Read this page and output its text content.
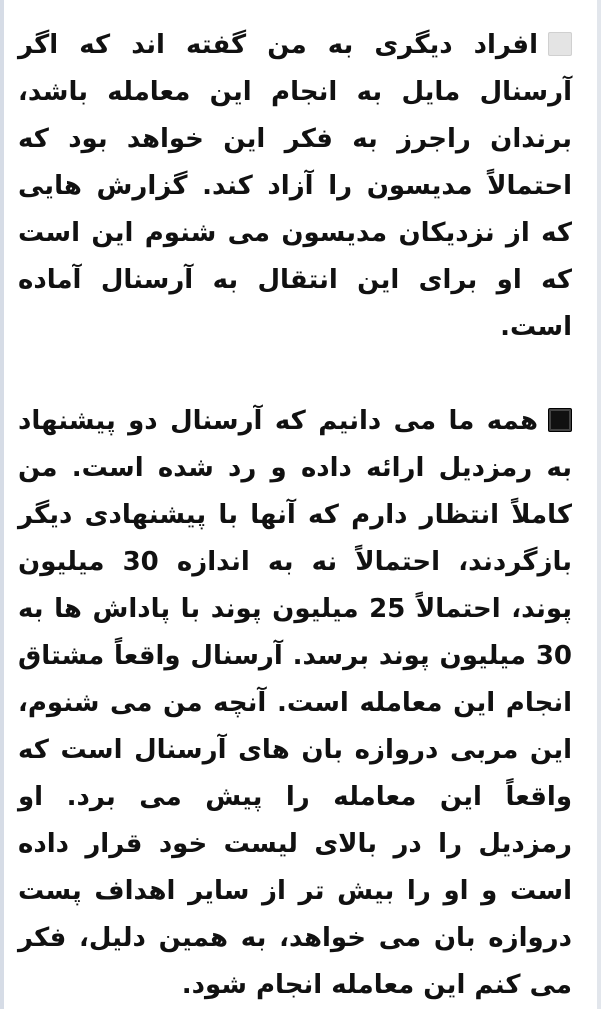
افراد دیگری به من گفته اند که اگر آرسنال مایل به انجام این معامله باشد، برندان راجرز به فکر این خواهد بود که احتمالاً مدیسون را آزاد کند. گزارش هایی که از نزدیکان مدیسون می شنوم این است که او برای این انتقال به آرسنال آماده است.

همه ما می دانیم که آرسنال دو پیشنهاد به رمزدیل ارائه داده و رد شده است. من کاملاً انتظار دارم که آنها با پیشنهادی دیگر بازگردند، احتمالاً نه به اندازه 30 میلیون پوند، احتمالاً 25 میلیون پوند با پاداش ها به 30 میلیون پوند برسد. آرسنال واقعاً مشتاق انجام این معامله است. آنچه من می شنوم، این مربی دروازه بان های آرسنال است که واقعاً این معامله را پیش می برد. او رمزدیل را در بالای لیست خود قرار داده است و او را بیش تر از سایر اهداف پست دروازه بان می خواهد، به همین دلیل، فکر می کنم این معامله انجام شود.
